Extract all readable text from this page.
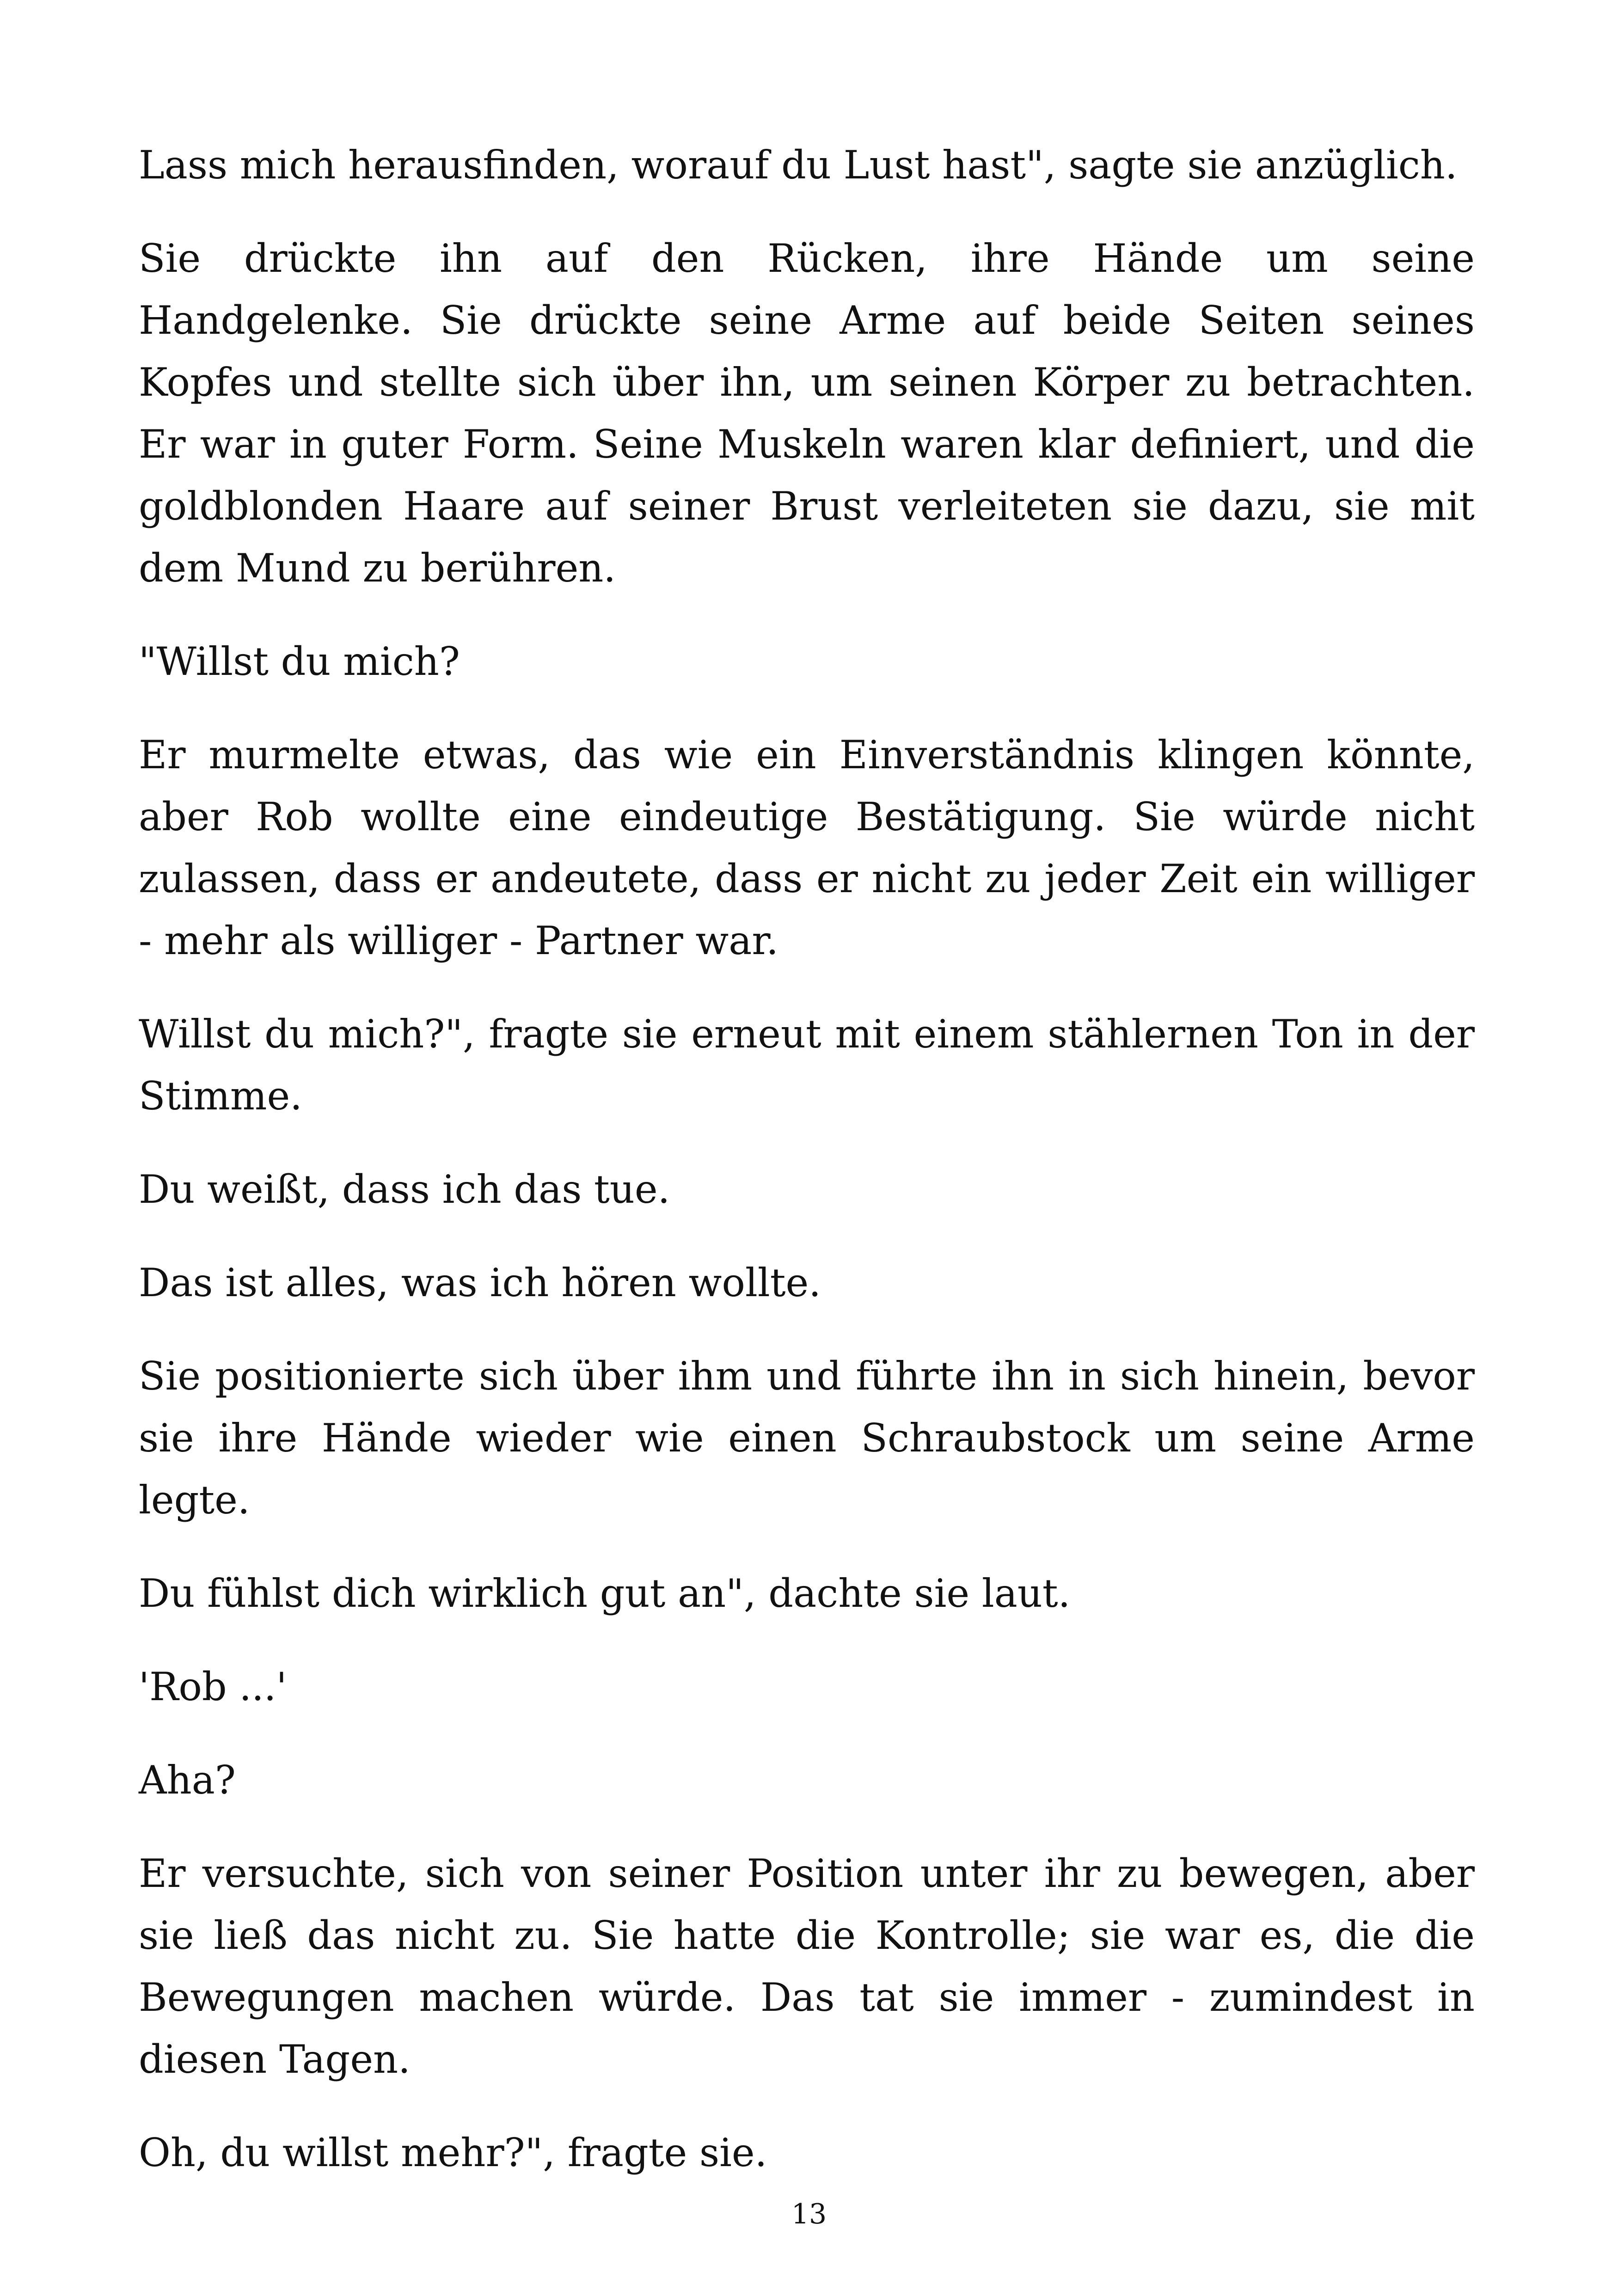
Lass mich herausfinden, worauf du Lust hast", sagte sie anzüglich.

Sie drückte ihn auf den Rücken, ihre Hände um seine Handgelenke. Sie drückte seine Arme auf beide Seiten seines Kopfes und stellte sich über ihn, um seinen Körper zu betrachten. Er war in guter Form. Seine Muskeln waren klar definiert, und die goldblonden Haare auf seiner Brust verleiteten sie dazu, sie mit dem Mund zu berühren.

"Willst du mich?

Er murmelte etwas, das wie ein Einverständnis klingen könnte, aber Rob wollte eine eindeutige Bestätigung. Sie würde nicht zulassen, dass er andeutete, dass er nicht zu jeder Zeit ein williger - mehr als williger - Partner war.

Willst du mich?", fragte sie erneut mit einem stählernen Ton in der Stimme.

Du weißt, dass ich das tue.

Das ist alles, was ich hören wollte.

Sie positionierte sich über ihm und führte ihn in sich hinein, bevor sie ihre Hände wieder wie einen Schraubstock um seine Arme legte.

Du fühlst dich wirklich gut an", dachte sie laut.

'Rob ...'

Aha?

Er versuchte, sich von seiner Position unter ihr zu bewegen, aber sie ließ das nicht zu. Sie hatte die Kontrolle; sie war es, die die Bewegungen machen würde. Das tat sie immer - zumindest in diesen Tagen.

Oh, du willst mehr?", fragte sie.

13
